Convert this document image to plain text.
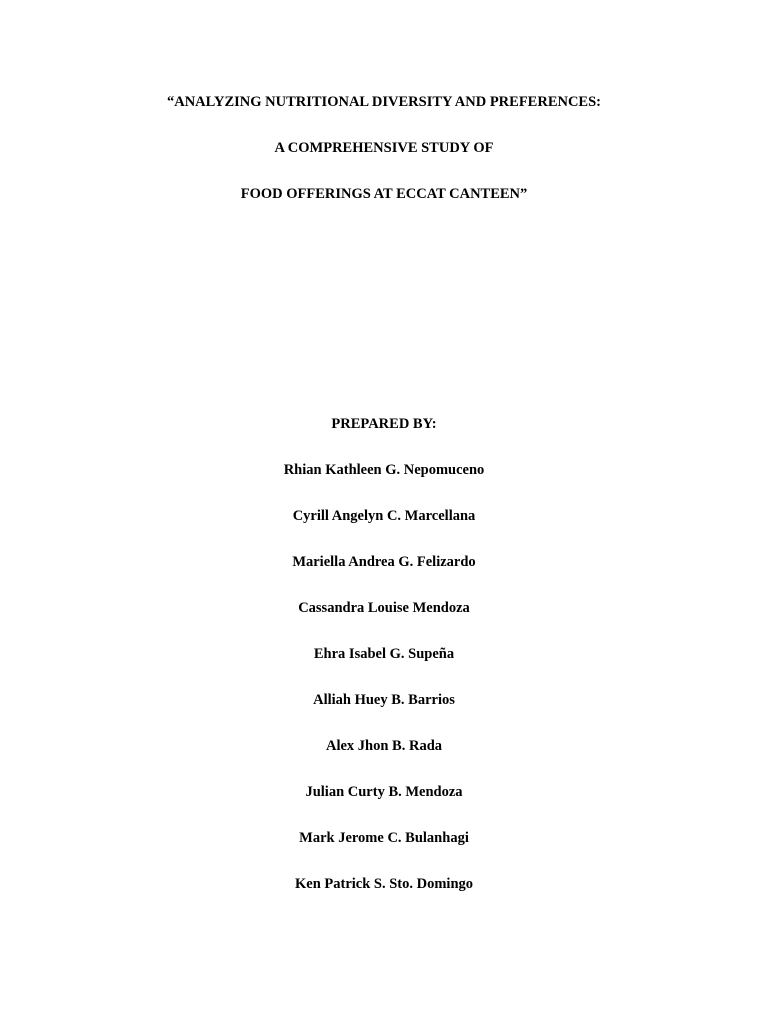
“ANALYZING NUTRITIONAL DIVERSITY AND PREFERENCES:
A COMPREHENSIVE STUDY OF
FOOD OFFERINGS AT ECCAT CANTEEN”
PREPARED BY:
Rhian Kathleen G. Nepomuceno
Cyrill Angelyn C. Marcellana
Mariella Andrea G. Felizardo
Cassandra Louise Mendoza
Ehra Isabel G. Supeña
Alliah Huey B. Barrios
Alex Jhon B. Rada
Julian Curty B. Mendoza
Mark Jerome C. Bulanhagi
Ken Patrick S. Sto. Domingo
